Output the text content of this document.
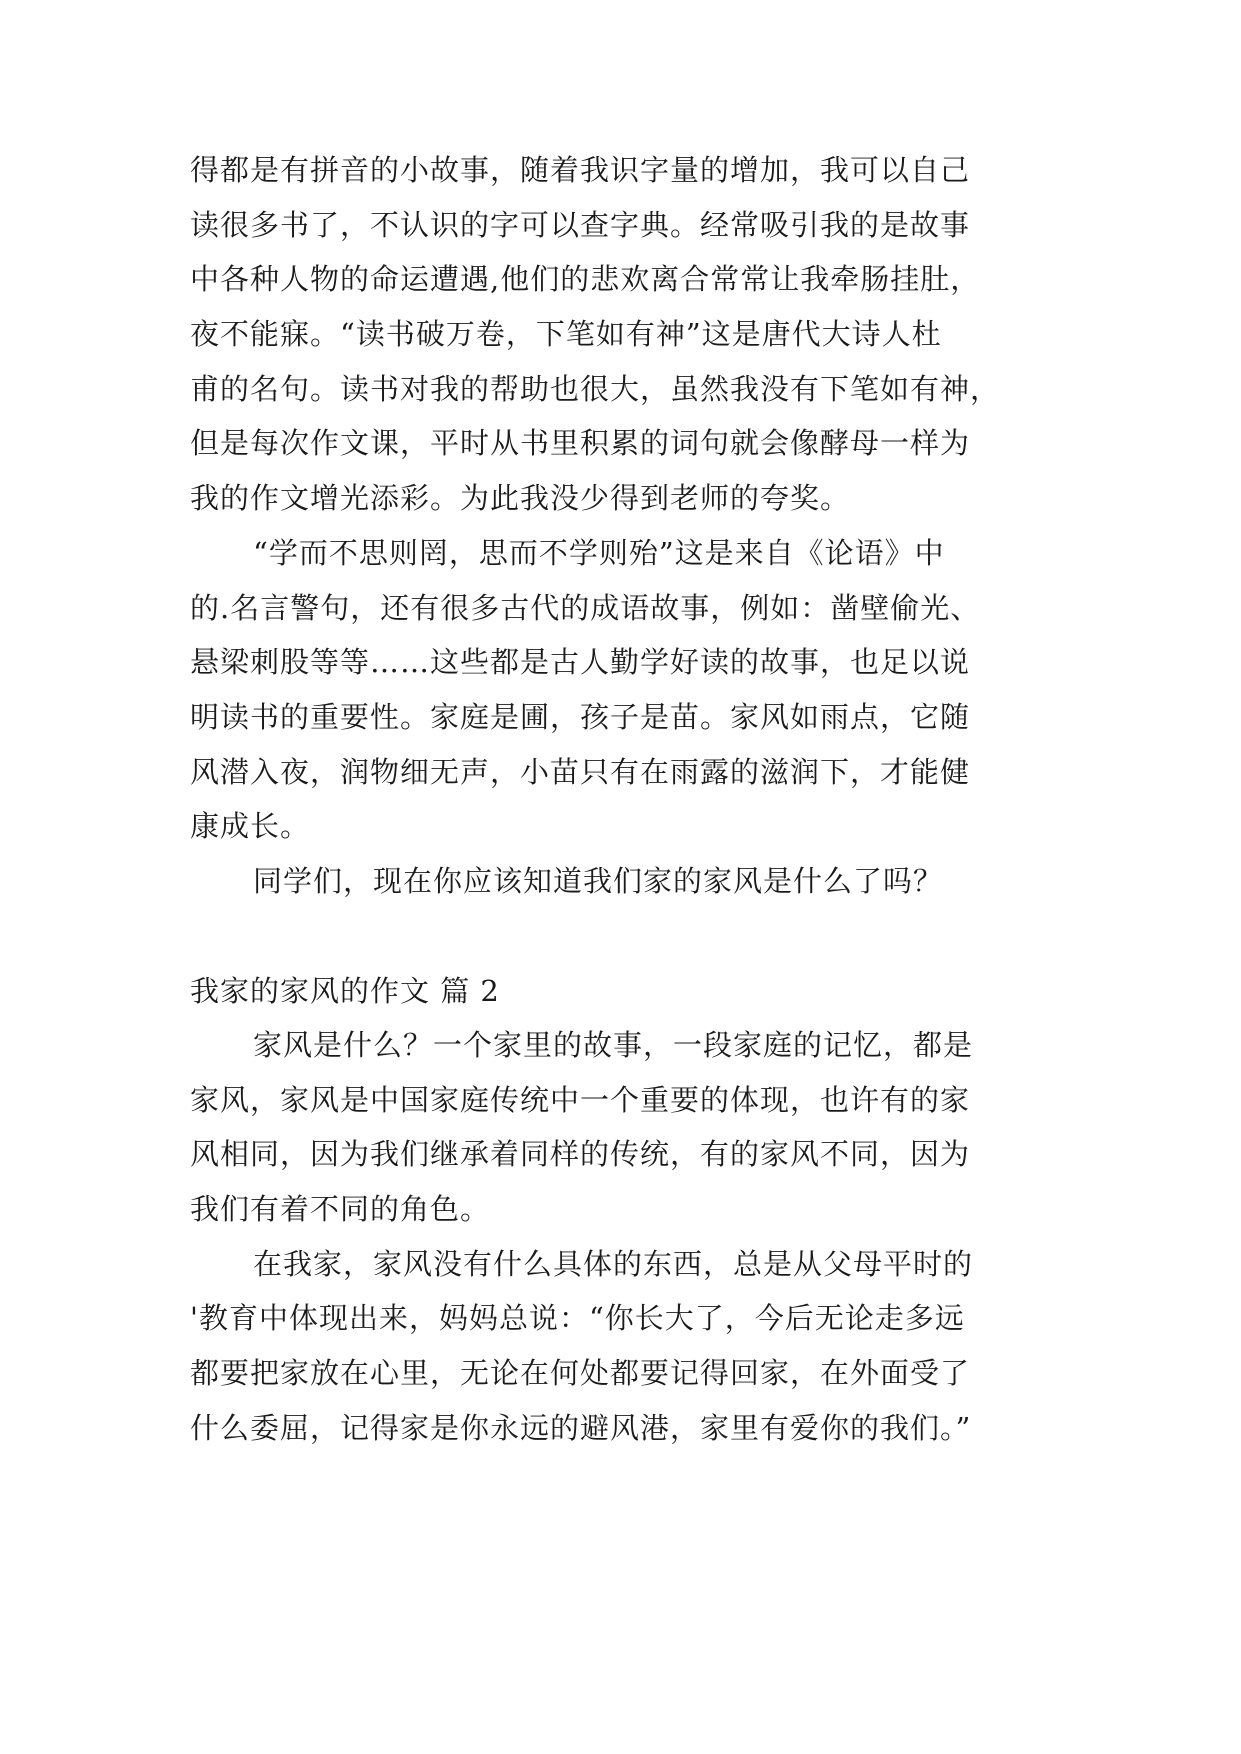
得都是有拼音的小故事，随着我识字量的增加，我可以自己
读很多书了，不认识的字可以查字典。经常吸引我的是故事
中各种人物的命运遭遇,他们的悲欢离合常常让我牵肠挂肚，
夜不能寐。“读书破万卷，下笔如有神”这是唐代大诗人杜
甫的名句。读书对我的帮助也很大，虽然我没有下笔如有神，
但是每次作文课，平时从书里积累的词句就会像酵母一样为
我的作文增光添彩。为此我没少得到老师的夸奖。
“学而不思则罔，思而不学则殆”这是来自《论语》中
的.名言警句，还有很多古代的成语故事，例如：凿壁偷光、
悬梁刺股等等……这些都是古人勤学好读的故事，也足以说
明读书的重要性。家庭是圃，孩子是苗。家风如雨点，它随
风潜入夜，润物细无声，小苗只有在雨露的滋润下，才能健
康成长。
同学们，现在你应该知道我们家的家风是什么了吗？
我家的家风的作文 篇 2
家风是什么？一个家里的故事，一段家庭的记忆，都是
家风，家风是中国家庭传统中一个重要的体现，也许有的家
风相同，因为我们继承着同样的传统，有的家风不同，因为
我们有着不同的角色。
在我家，家风没有什么具体的东西，总是从父母平时的
'教育中体现出来，妈妈总说：“你长大了，今后无论走多远
都要把家放在心里，无论在何处都要记得回家，在外面受了
什么委屈，记得家是你永远的避风港，家里有爱你的我们。”
